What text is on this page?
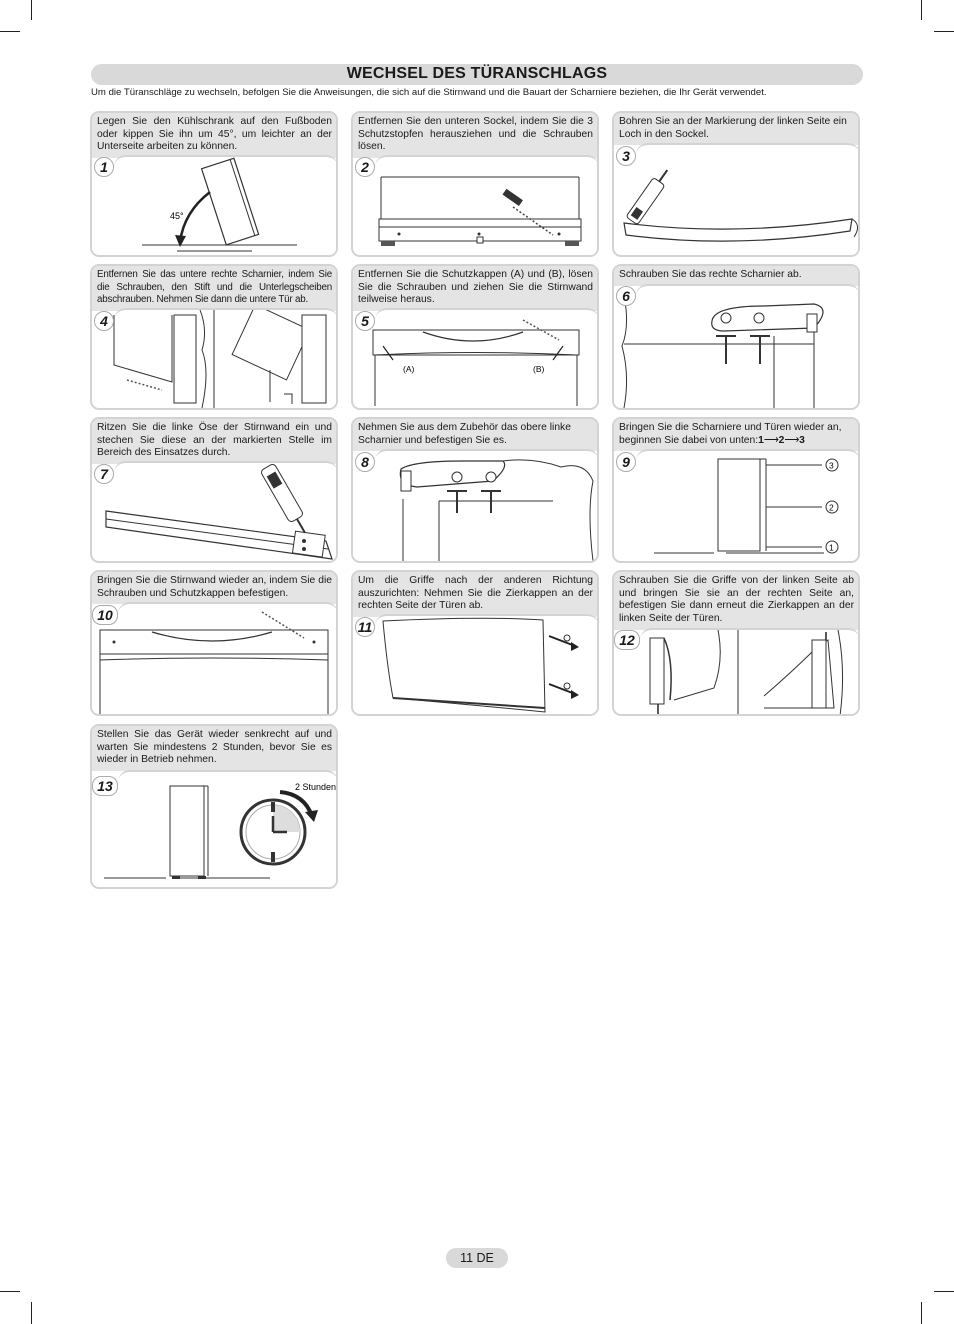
WECHSEL DES TÜRANSCHLAGS
Um die Türanschläge zu wechseln, befolgen Sie die Anweisungen, die sich auf die Stirnwand und die Bauart der Scharniere beziehen, die Ihr Gerät verwendet.
Legen Sie den Kühlschrank auf den Fußboden oder kippen Sie ihn um 45°, um leichter an der Unterseite arbeiten zu können.
1
45°
Entfernen Sie den unteren Sockel, indem Sie die 3 Schutzstopfen herausziehen und die Schrauben lösen.
2
Bohren Sie an der Markierung der linken Seite ein Loch in den Sockel.
3
Entfernen Sie das untere rechte Scharnier, indem Sie die Schrauben, den Stift und die Unterlegscheiben abschrauben. Nehmen Sie dann die untere Tür ab.
4
Entfernen Sie die Schutzkappen (A) und (B), lösen Sie die Schrauben und ziehen Sie die Stirnwand teilweise heraus.
5
(A)	(B)
Schrauben Sie das rechte Scharnier ab.
6
Ritzen Sie die linke Öse der Stirnwand ein und stechen Sie diese an der markierten Stelle im Bereich des Einsatzes durch.
7
Nehmen Sie aus dem Zubehör das obere linke Scharnier und befestigen Sie es.
8
Bringen Sie die Scharniere und Türen wieder an, beginnen Sie dabei von unten:1⟶2⟶3
9	3
2
1
Bringen Sie die Stirnwand wieder an, indem Sie die Schrauben und Schutzkappen befestigen.
10
Um die Griffe nach der anderen Richtung auszurichten: Nehmen Sie die Zierkappen an der rechten Seite der Türen ab.
11
Schrauben Sie die Griffe von der linken Seite ab und bringen Sie sie an der rechten Seite an, befestigen Sie dann erneut die Zierkappen an der linken Seite der Türen.
12
Stellen Sie das Gerät wieder senkrecht auf und warten Sie mindestens 2 Stunden, bevor Sie es wieder in Betrieb nehmen.
13	2 Stunden
11 DE
